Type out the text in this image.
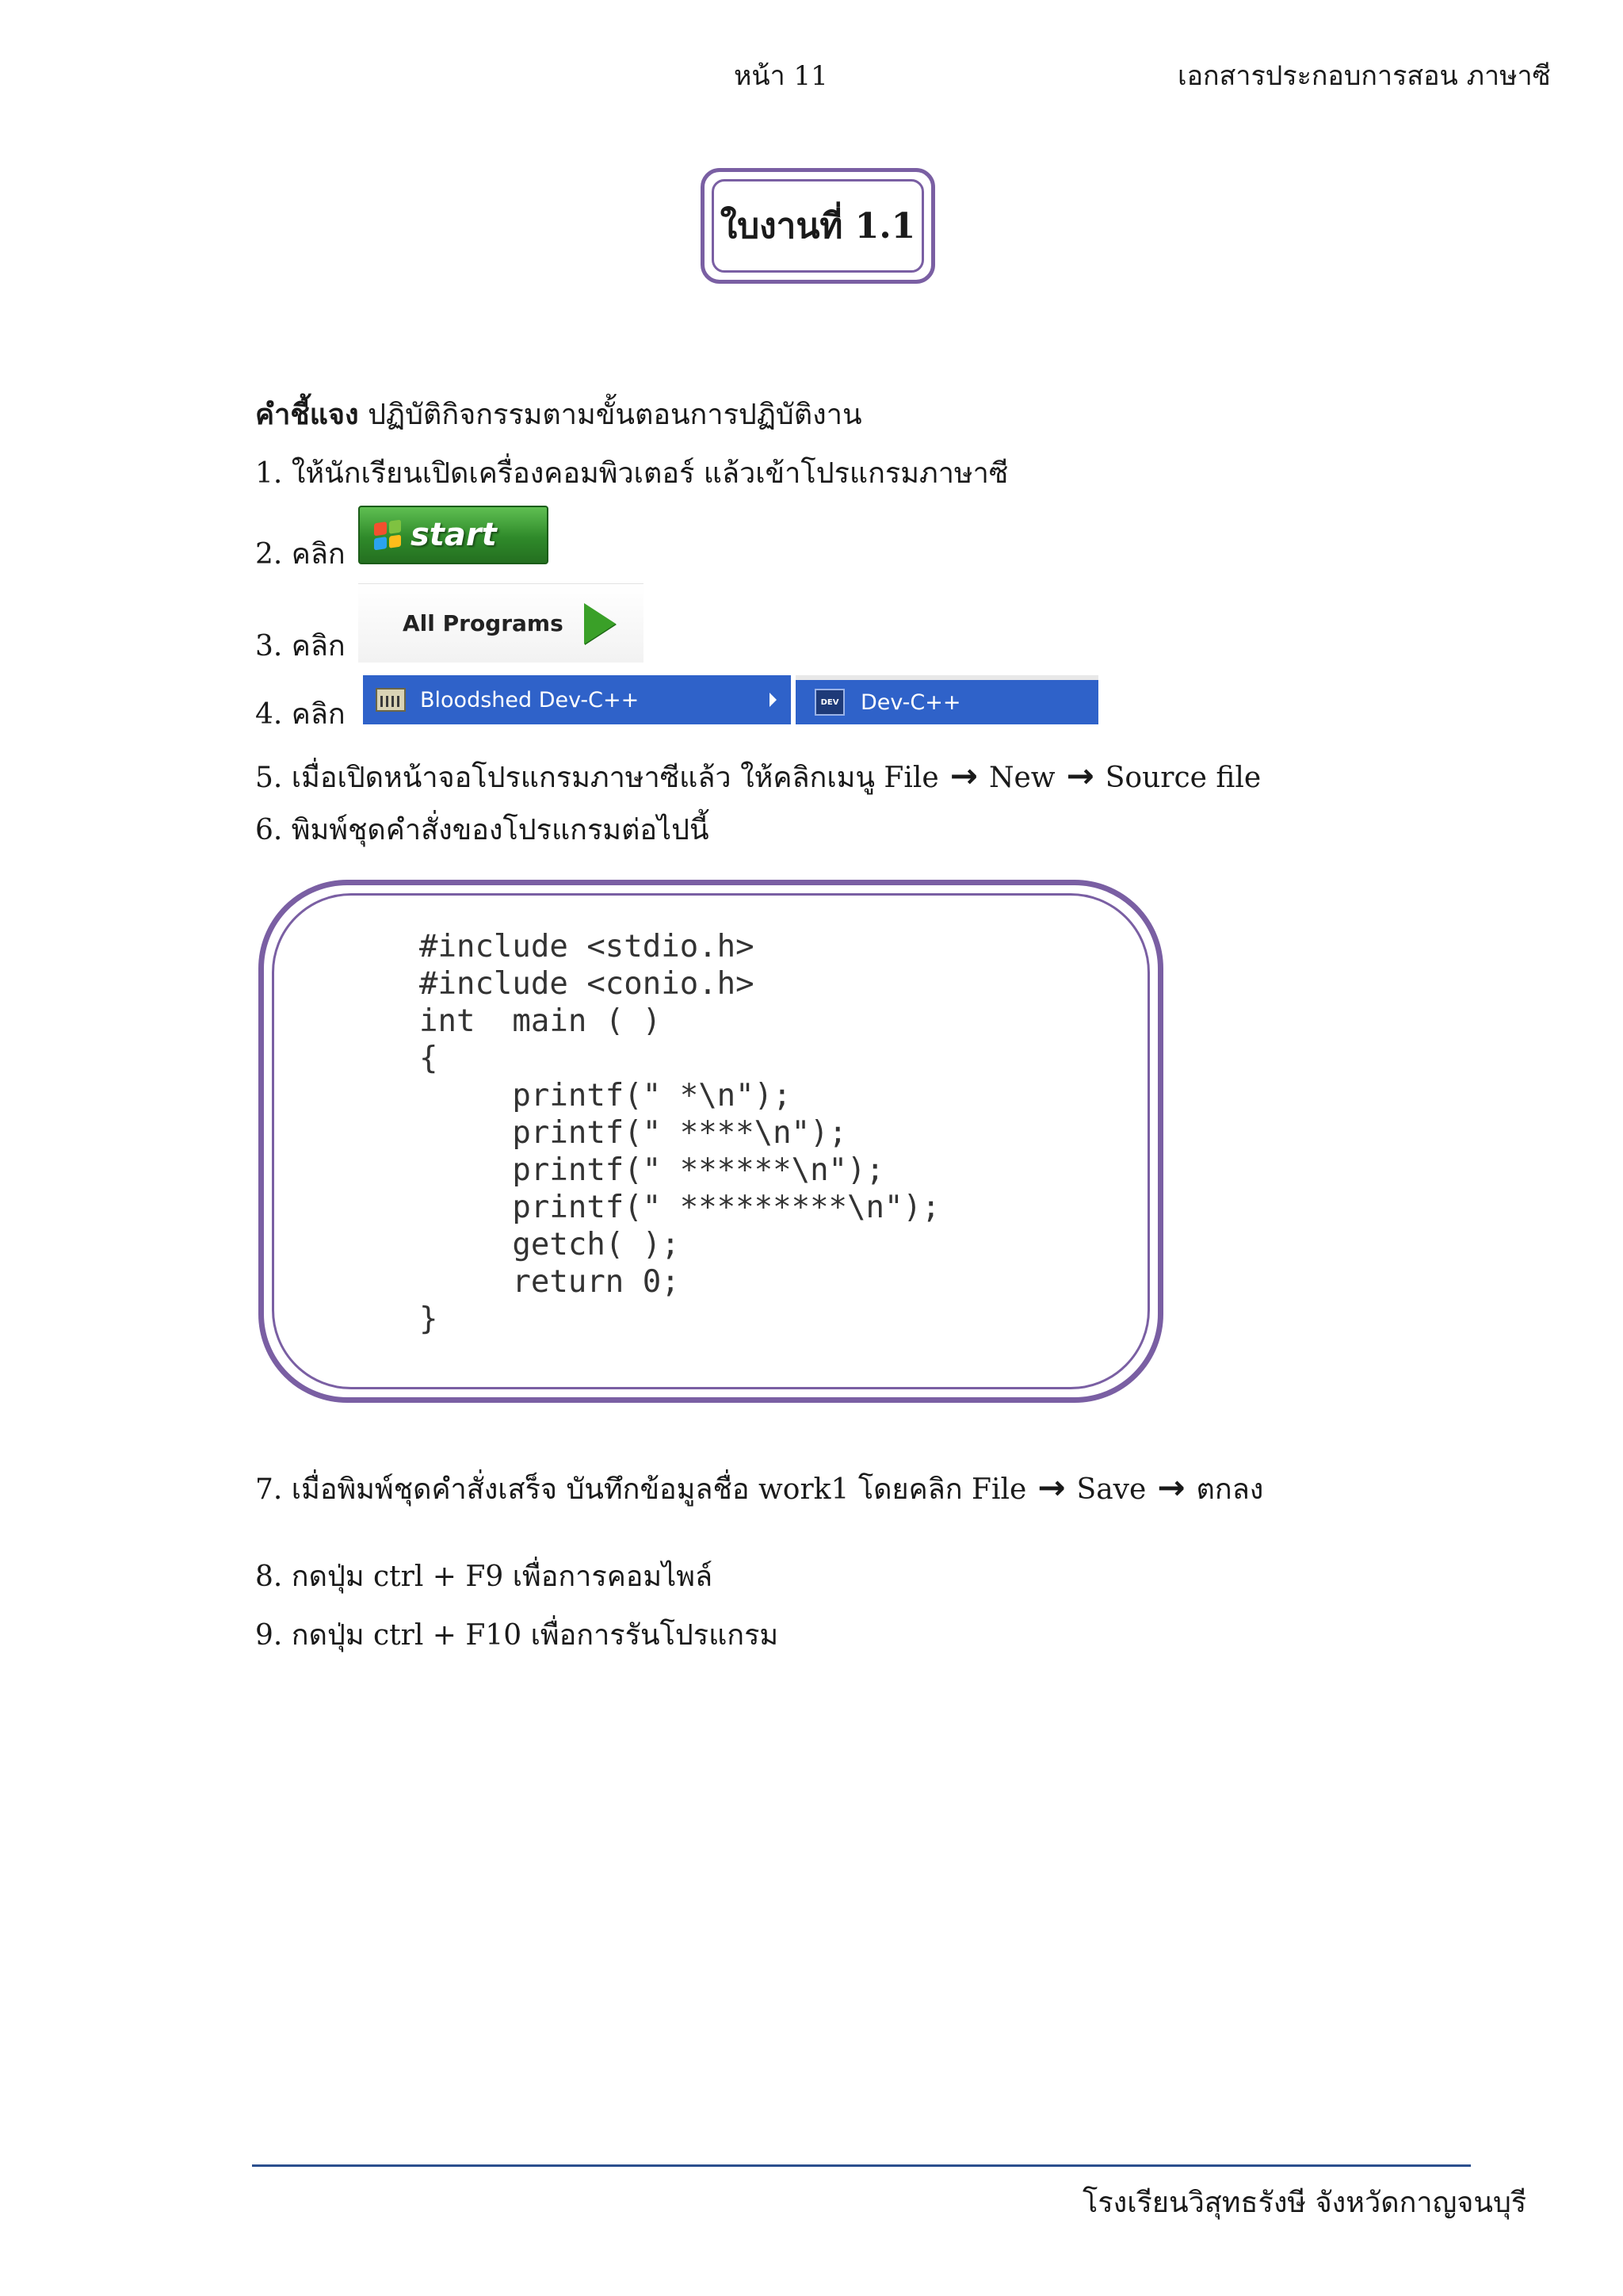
หน้า 11	เอกสารประกอบการสอน ภาษาซี
ใบงานที่ 1.1
คำชี้แจง ปฏิบัติกิจกรรมตามขั้นตอนการปฏิบัติงาน
1. ให้นักเรียนเปิดเครื่องคอมพิวเตอร์ แล้วเข้าโปรแกรมภาษาซี
2. คลิก
start
3. คลิก
All Programs
4. คลิก	Bloodshed Dev-C++	DEV Dev-C++
5. เมื่อเปิดหน้าจอโปรแกรมภาษาซีแล้ว ให้คลิกเมนู File → New → Source file
6. พิมพ์ชุดคำสั่งของโปรแกรมต่อไปนี้
#include <stdio.h>
#include <conio.h>
int  main ( )
{
printf(" *\n");
printf(" ****\n");
printf(" ******\n");
printf(" *********\n");
getch( );
return 0;
}
7. เมื่อพิมพ์ชุดคำสั่งเสร็จ บันทึกข้อมูลชื่อ work1 โดยคลิก File → Save → ตกลง
8. กดปุ่ม ctrl + F9 เพื่อการคอมไพล์
9. กดปุ่ม ctrl + F10 เพื่อการรันโปรแกรม
โรงเรียนวิสุทธรังษี จังหวัดกาญจนบุรี
